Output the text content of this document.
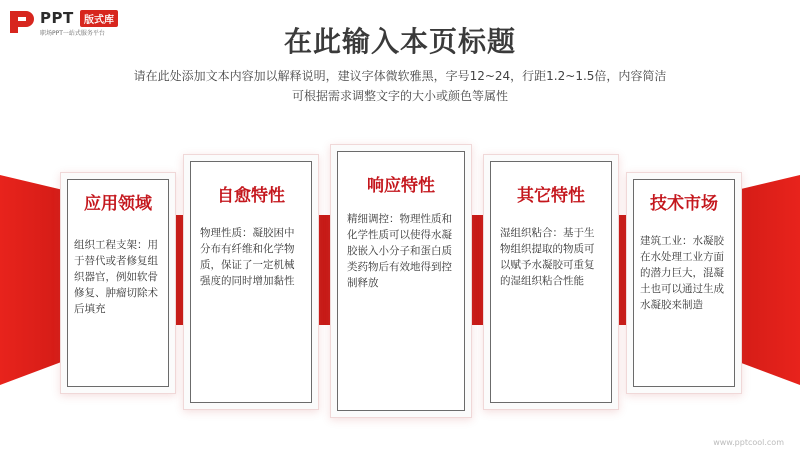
PPT	版式库
职场PPT一站式服务平台	在此输入本页标题
请在此处添加文本内容加以解释说明，建议字体微软雅黑，字号12~24，行距1.2~1.5倍，内容简洁
可根据需求调整文字的大小或颜色等属性
应用领域
组织工程支架：用于替代或者修复组织器官，例如软骨修复、肿瘤切除术后填充
自愈特性
物理性质：凝胶困中分布有纤维和化学物质，保证了一定机械强度的同时增加黏性
响应特性
精细调控：物理性质和化学性质可以使得水凝胶嵌入小分子和蛋白质类药物后有效地得到控制释放
其它特性
湿组织粘合：基于生物组织提取的物质可以赋予水凝胶可重复的湿组织粘合性能
技术市场
建筑工业：水凝胶在水处理工业方面的潜力巨大，混凝土也可以通过生成水凝胶来制造
www.pptcool.com
